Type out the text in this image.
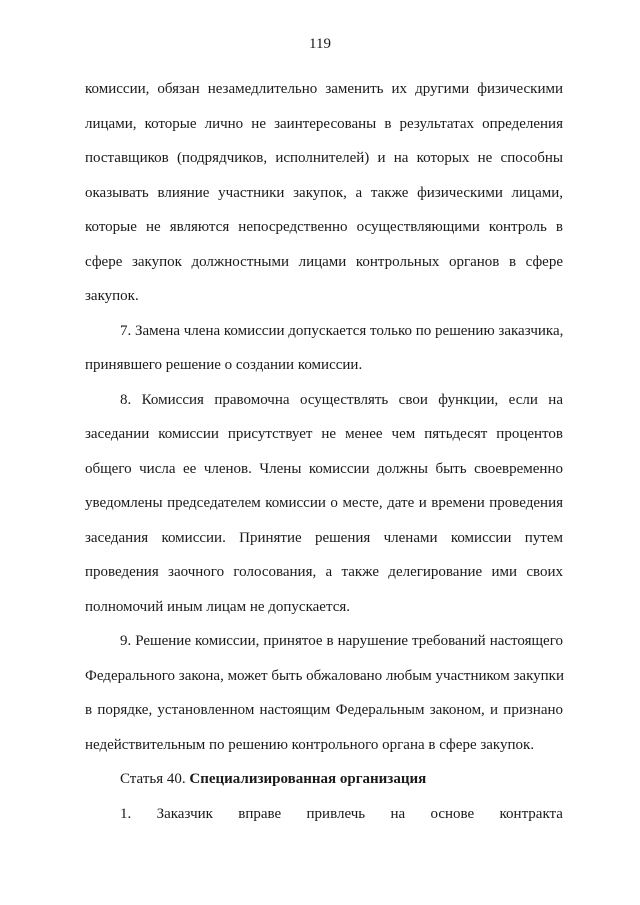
119
комиссии, обязан незамедлительно заменить их другими физическими
лицами, которые лично не заинтересованы в результатах определения
поставщиков (подрядчиков, исполнителей) и на которых не способны
оказывать влияние участники закупок, а также физическими лицами,
которые не являются непосредственно осуществляющими контроль в
сфере закупок должностными лицами контрольных органов в сфере
закупок.
7. Замена члена комиссии допускается только по решению заказчика,
принявшего решение о создании комиссии.
8. Комиссия правомочна осуществлять свои функции, если на
заседании комиссии присутствует не менее чем пятьдесят процентов
общего числа ее членов. Члены комиссии должны быть своевременно
уведомлены председателем комиссии о месте, дате и времени проведения
заседания комиссии. Принятие решения членами комиссии путем
проведения заочного голосования, а также делегирование ими своих
полномочий иным лицам не допускается.
9. Решение комиссии, принятое в нарушение требований настоящего
Федерального закона, может быть обжаловано любым участником закупки
в порядке, установленном настоящим Федеральным законом, и признано
недействительным по решению контрольного органа в сфере закупок.
Статья 40. Специализированная организация
1. Заказчик вправе привлечь на основе контракта
